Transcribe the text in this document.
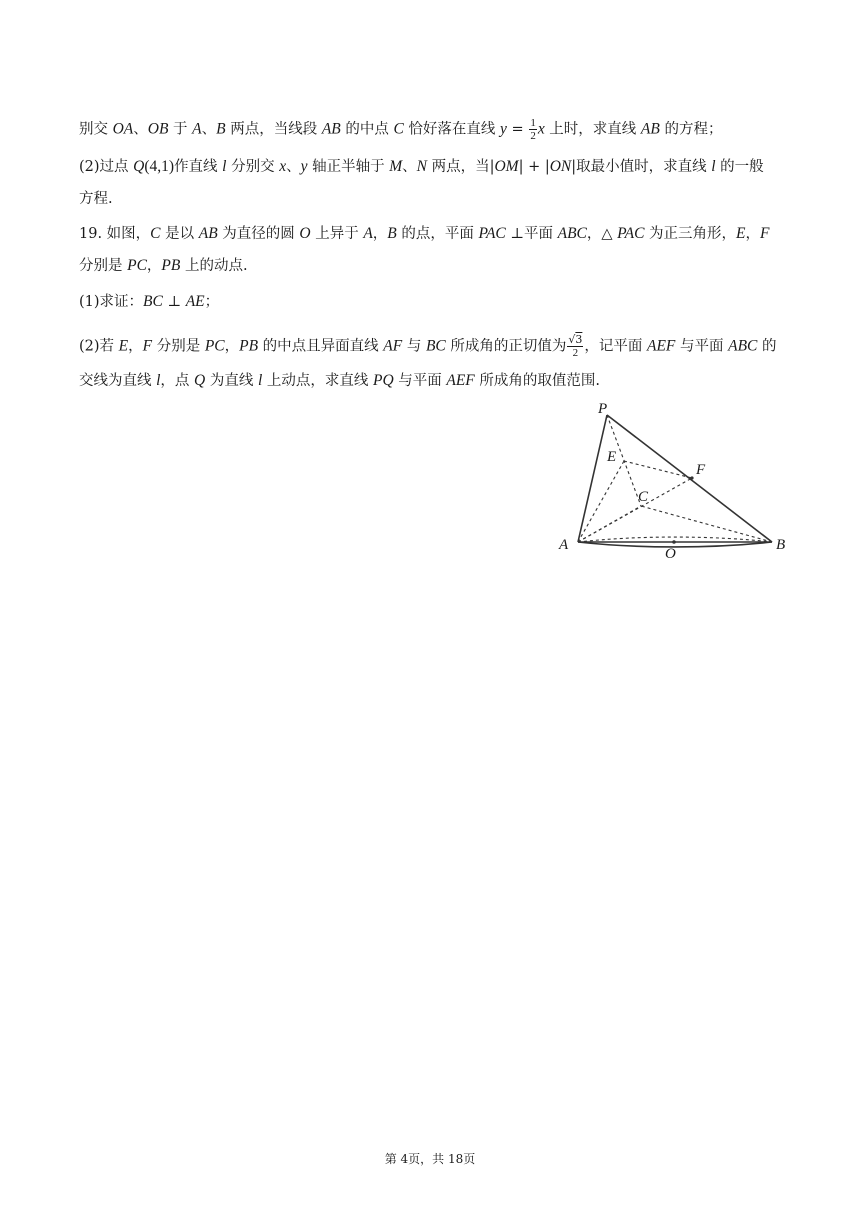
别交 OA、OB 于 A、B 两点，当线段 AB 的中点 C 恰好落在直线 $y = \frac{1}{2}$ x 上时，求直线 AB 的方程；
(2)过点 Q(4,1)作直线 l 分别交 x、y 轴正半轴于 M、N 两点，当|OM| + |ON|取最小值时，求直线 l 的一般
方程.
19. 如图，C 是以 AB 为直径的圆 O 上异于 A，B 的点，平面 PAC ⊥平面 ABC，△ PAC 为正三角形，E，F
分别是 PC，PB 上的动点.
(1)求证：BC ⊥ AE；
(2)若 E，F 分别是 PC，PB 的中点且异面直线 AF 与 BC 所成角的正切值为 $\frac{√3}{2}$ ，记平面 AEF 与平面 ABC 的
交线为直线 l，点 Q 为直线 l 上动点，求直线 PQ 与平面 AEF 所成角的取值范围.
P
E
F
C
A
O
B
第 4页，共 18页
